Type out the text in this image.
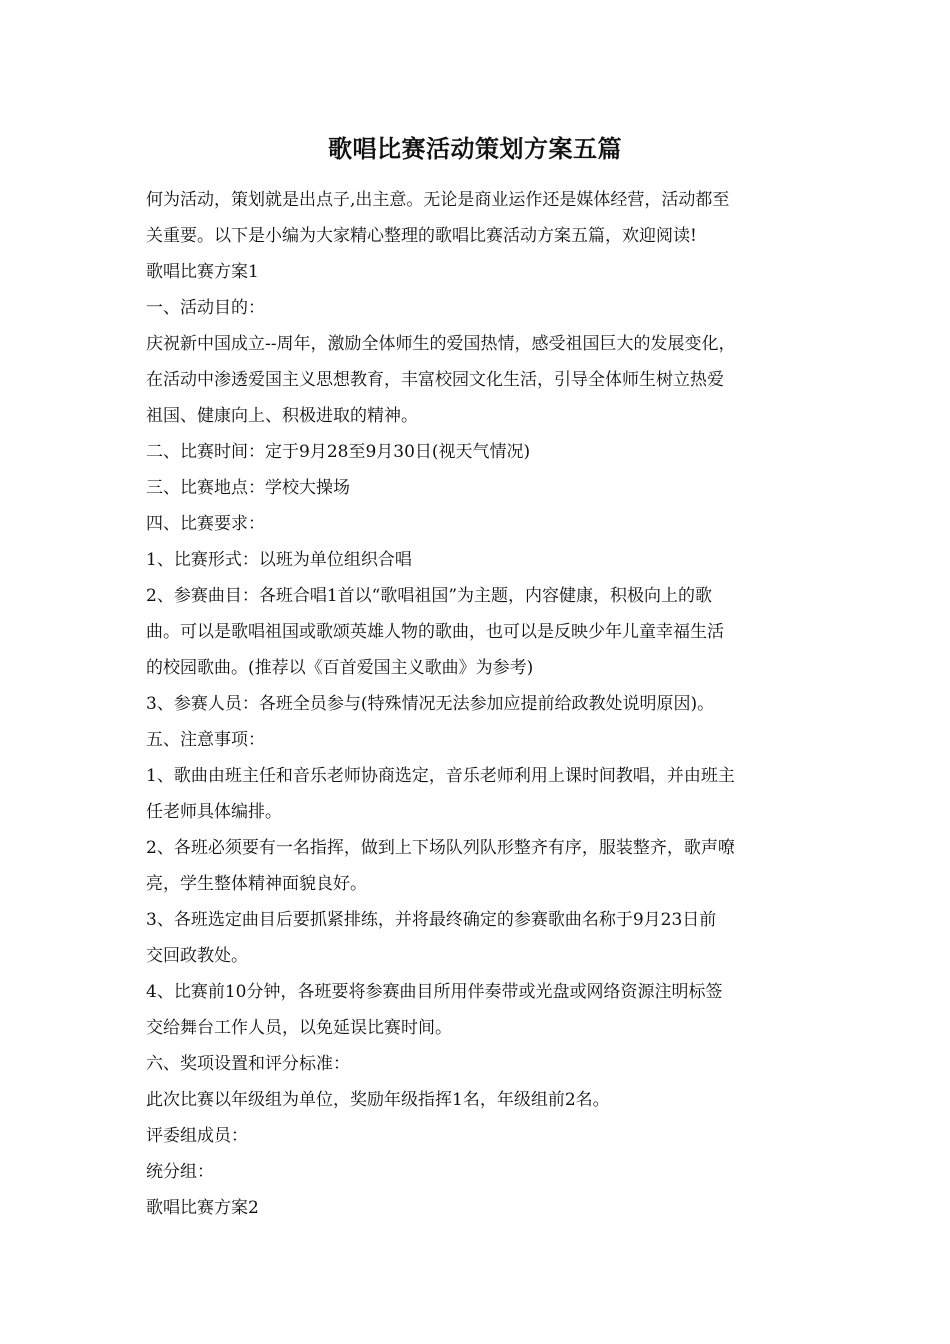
歌唱比赛活动策划方案五篇

何为活动，策划就是出点子,出主意。无论是商业运作还是媒体经营，活动都至

关重要。以下是小编为大家精心整理的歌唱比赛活动方案五篇，欢迎阅读!

歌唱比赛方案1

一、活动目的：

庆祝新中国成立--周年，激励全体师生的爱国热情，感受祖国巨大的发展变化，

在活动中渗透爱国主义思想教育，丰富校园文化生活，引导全体师生树立热爱

祖国、健康向上、积极进取的精神。

二、比赛时间：定于9月28至9月30日(视天气情况)

三、比赛地点：学校大操场

四、比赛要求：

1、比赛形式：以班为单位组织合唱

2、参赛曲目：各班合唱1首以“歌唱祖国”为主题，内容健康，积极向上的歌

曲。可以是歌唱祖国或歌颂英雄人物的歌曲，也可以是反映少年儿童幸福生活

的校园歌曲。(推荐以《百首爱国主义歌曲》为参考)

3、参赛人员：各班全员参与(特殊情况无法参加应提前给政教处说明原因)。

五、注意事项：

1、歌曲由班主任和音乐老师协商选定，音乐老师利用上课时间教唱，并由班主

任老师具体编排。

2、各班必须要有一名指挥，做到上下场队列队形整齐有序，服装整齐，歌声嘹

亮，学生整体精神面貌良好。

3、各班选定曲目后要抓紧排练，并将最终确定的参赛歌曲名称于9月23日前

交回政教处。

4、比赛前10分钟，各班要将参赛曲目所用伴奏带或光盘或网络资源注明标签

交给舞台工作人员，以免延误比赛时间。

六、奖项设置和评分标准：

此次比赛以年级组为单位，奖励年级指挥1名，年级组前2名。

评委组成员：

统分组：

歌唱比赛方案2
